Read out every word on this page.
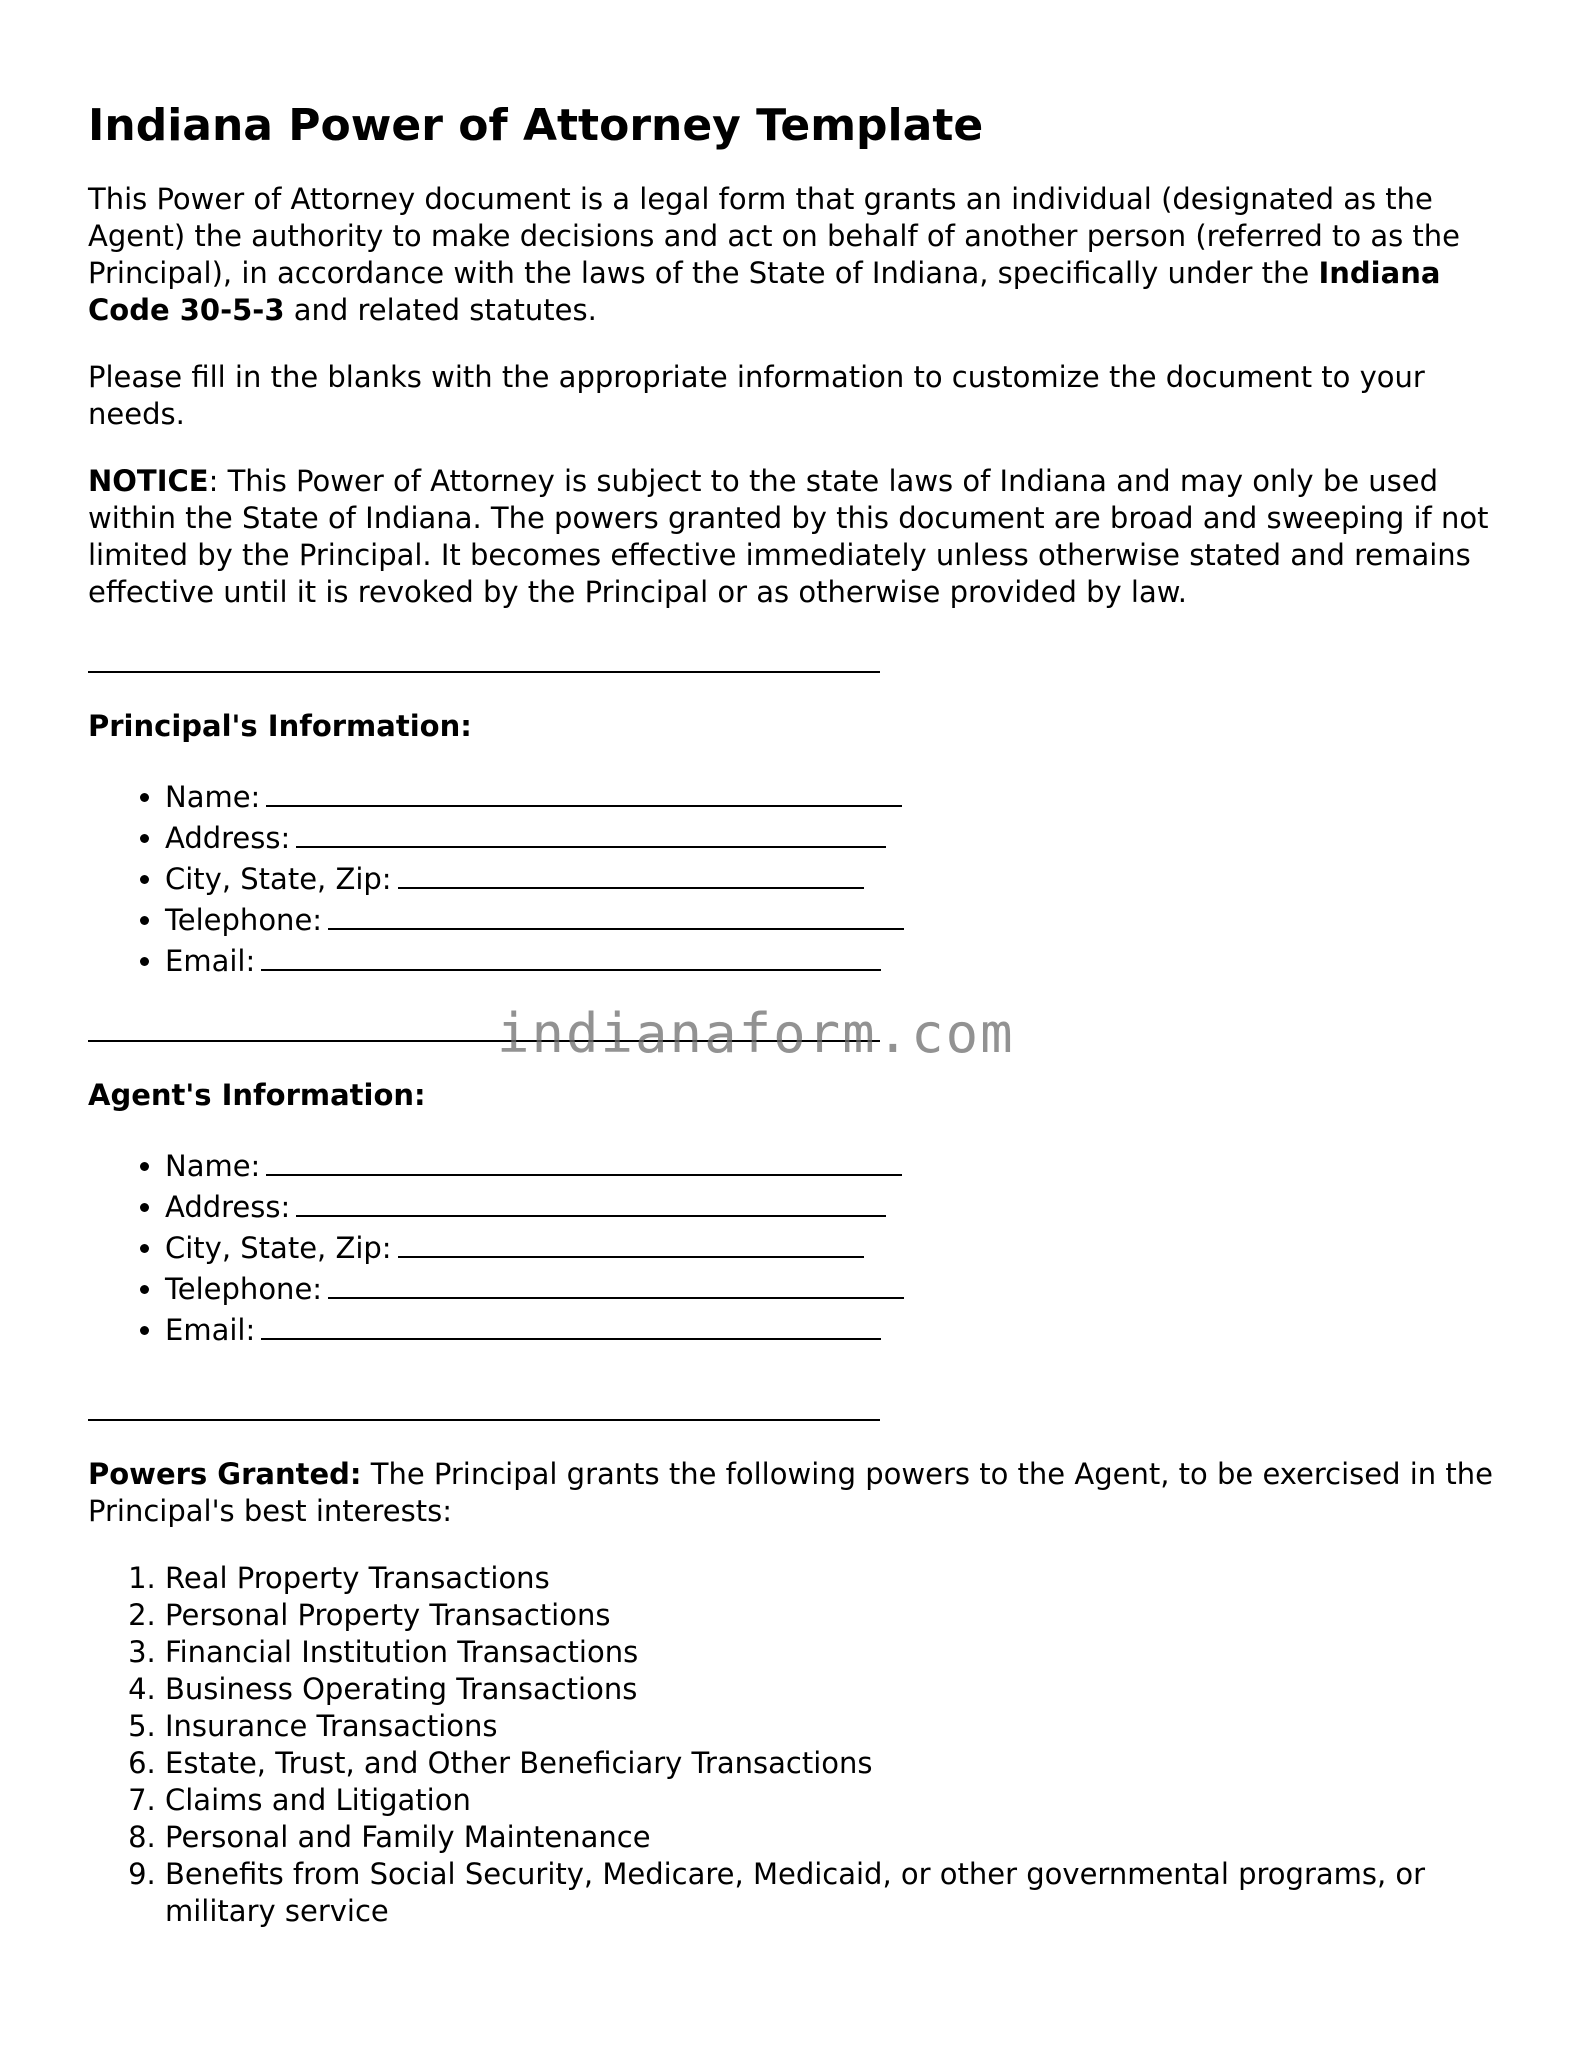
Indiana Power of Attorney Template

This Power of Attorney document is a legal form that grants an individual (designated as the Agent) the authority to make decisions and act on behalf of another person (referred to as the Principal), in accordance with the laws of the State of Indiana, specifically under the Indiana Code 30-5-3 and related statutes.

Please fill in the blanks with the appropriate information to customize the document to your needs.

NOTICE: This Power of Attorney is subject to the state laws of Indiana and may only be used within the State of Indiana. The powers granted by this document are broad and sweeping if not limited by the Principal. It becomes effective immediately unless otherwise stated and remains effective until it is revoked by the Principal or as otherwise provided by law.

Principal's Information:
• Name:
• Address:
• City, State, Zip:
• Telephone:
• Email:
Agent's Information:
• Name:
• Address:
• City, State, Zip:
• Telephone:
• Email:

Powers Granted: The Principal grants the following powers to the Agent, to be exercised in the Principal's best interests:

1. Real Property Transactions
2. Personal Property Transactions
3. Financial Institution Transactions
4. Business Operating Transactions
5. Insurance Transactions
6. Estate, Trust, and Other Beneficiary Transactions
7. Claims and Litigation
8. Personal and Family Maintenance
9. Benefits from Social Security, Medicare, Medicaid, or other governmental programs, or military service
indianaform.com
